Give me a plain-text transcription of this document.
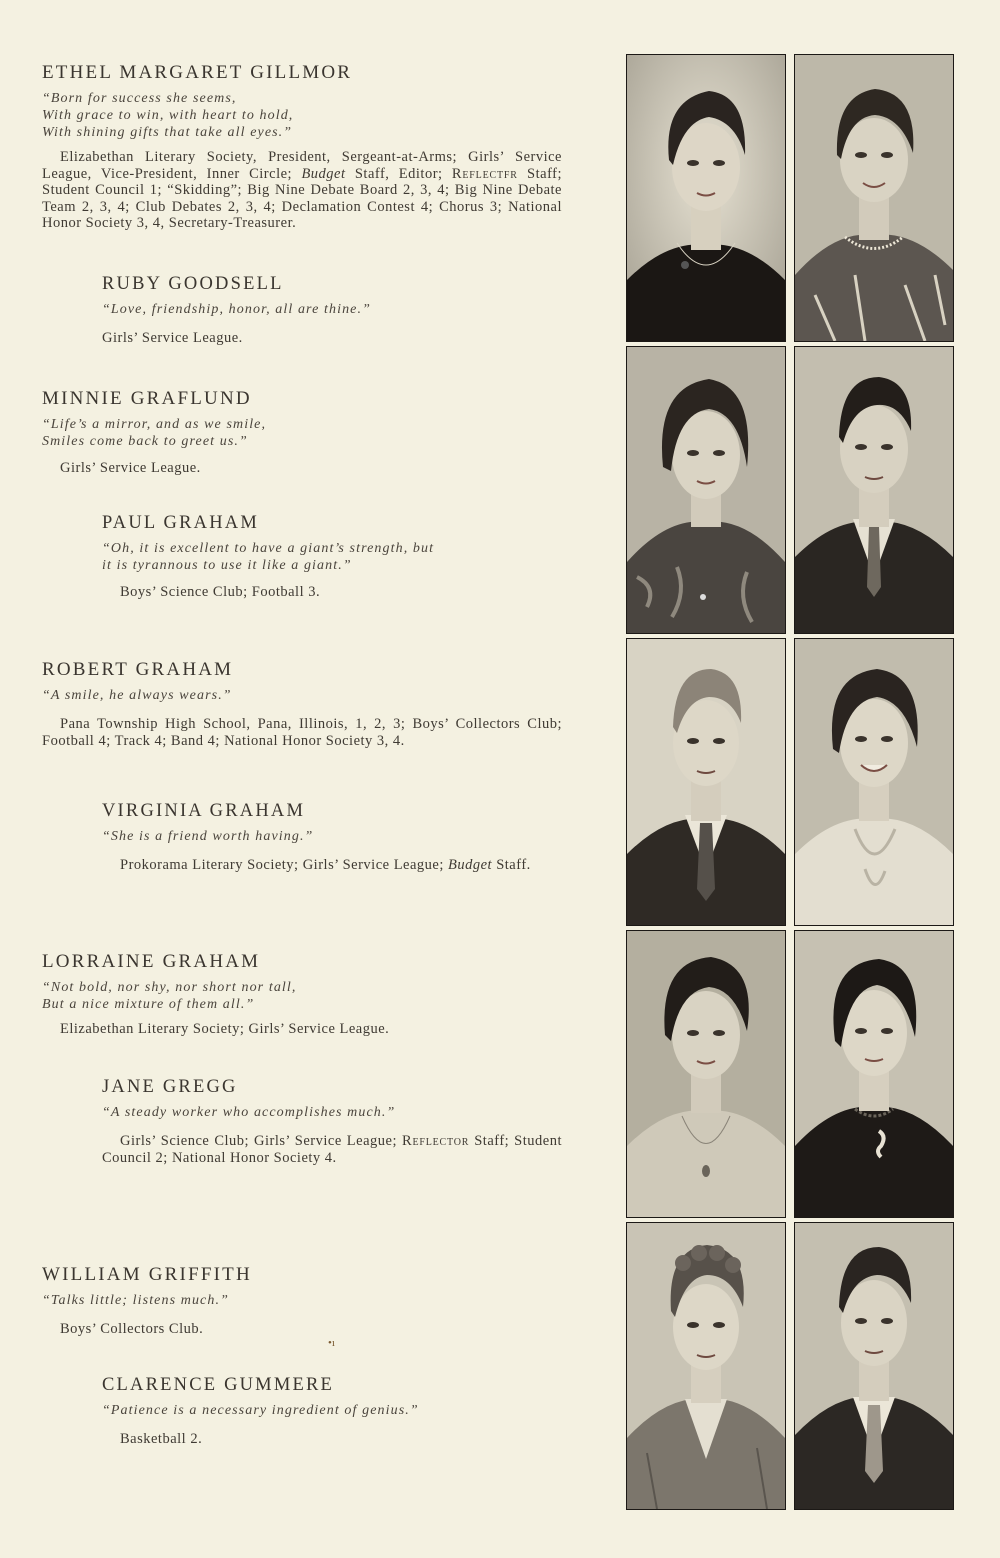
ETHEL MARGARET GILLMOR
“Born for success she seems,
With grace to win, with heart to hold,
With shining gifts that take all eyes.”
Elizabethan Literary Society, President, Sergeant-at-Arms; Girls’ Service League, Vice-President, Inner Circle; Budget Staff, Editor; Reflectfr Staff; Student Council 1; “Skidding”; Big Nine Debate Board 2, 3, 4; Big Nine Debate Team 2, 3, 4; Club Debates 2, 3, 4; Declamation Contest 4; Chorus 3; National Honor Society 3, 4, Secretary-Treasurer.
RUBY GOODSELL
“Love, friendship, honor, all are thine.”
Girls’ Service League.
MINNIE GRAFLUND
“Life’s a mirror, and as we smile,
Smiles come back to greet us.”
Girls’ Service League.
PAUL GRAHAM
“Oh, it is excellent to have a giant’s strength, but
it is tyrannous to use it like a giant.”
Boys’ Science Club; Football 3.
ROBERT GRAHAM
“A smile, he always wears.”
Pana Township High School, Pana, Illinois, 1, 2, 3; Boys’ Collectors Club; Football 4; Track 4; Band 4; National Honor Society 3, 4.
VIRGINIA GRAHAM
“She is a friend worth having.”
Prokorama Literary Society; Girls’ Service League; Budget Staff.
LORRAINE GRAHAM
“Not bold, nor shy, nor short nor tall,
But a nice mixture of them all.”
Elizabethan Literary Society; Girls’ Service League.
JANE GREGG
“A steady worker who accomplishes much.”
Girls’ Science Club; Girls’ Service League; Reflector Staff; Student Council 2; National Honor Society 4.
WILLIAM GRIFFITH
“Talks little; listens much.”
Boys’ Collectors Club.
•ı
CLARENCE GUMMERE
“Patience is a necessary ingredient of genius.”
Basketball 2.
